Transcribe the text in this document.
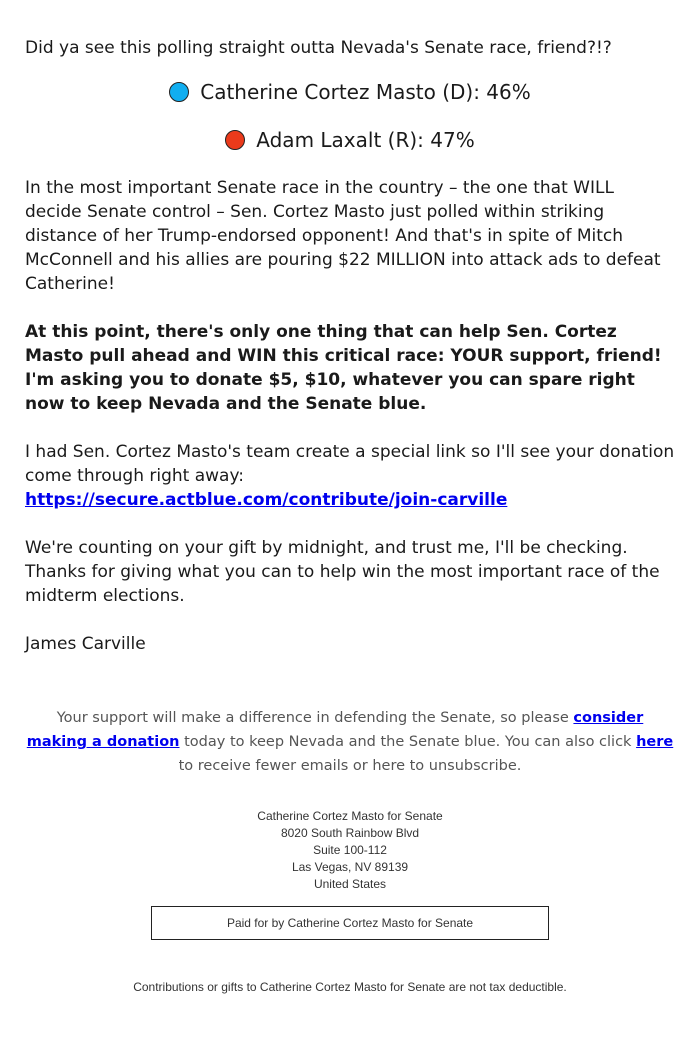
Did ya see this polling straight outta Nevada's Senate race, friend?!?

Catherine Cortez Masto (D): 46%
Adam Laxalt (R): 47%

In the most important Senate race in the country – the one that WILL decide Senate control – Sen. Cortez Masto just polled within striking distance of her Trump-endorsed opponent! And that's in spite of Mitch McConnell and his allies are pouring $22 MILLION into attack ads to defeat Catherine!

At this point, there's only one thing that can help Sen. Cortez Masto pull ahead and WIN this critical race: YOUR support, friend! I'm asking you to donate $5, $10, whatever you can spare right now to keep Nevada and the Senate blue.

I had Sen. Cortez Masto's team create a special link so I'll see your donation come through right away:
https://secure.actblue.com/contribute/join-carville

We're counting on your gift by midnight, and trust me, I'll be checking. Thanks for giving what you can to help win the most important race of the midterm elections.

James Carville

Your support will make a difference in defending the Senate, so please consider making a donation today to keep Nevada and the Senate blue. You can also click here to receive fewer emails or here to unsubscribe.
Catherine Cortez Masto for Senate
8020 South Rainbow Blvd
Suite 100-112
Las Vegas, NV 89139
United States
Paid for by Catherine Cortez Masto for Senate
Contributions or gifts to Catherine Cortez Masto for Senate are not tax deductible.
